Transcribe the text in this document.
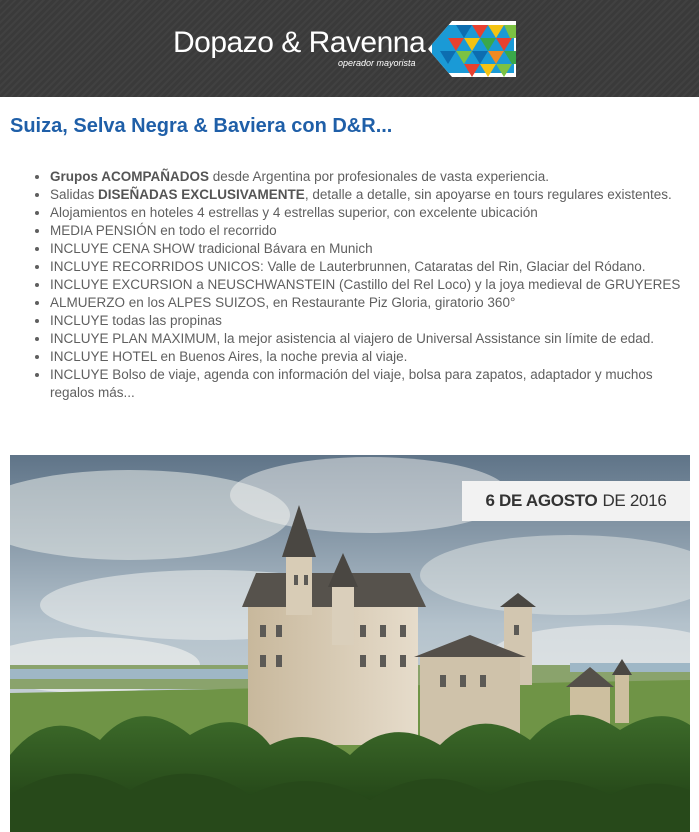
Dopazo & Ravenna
operador mayorista
Suiza, Selva Negra & Baviera con D&R...
• Grupos ACOMPAÑADOS desde Argentina por profesionales de vasta experiencia.
• Salidas DISEÑADAS EXCLUSIVAMENTE, detalle a detalle, sin apoyarse en tours regulares existentes.
• Alojamientos en hoteles 4 estrellas y 4 estrellas superior, con excelente ubicación
• MEDIA PENSIÓN en todo el recorrido
• INCLUYE CENA SHOW tradicional Bávara en Munich
• INCLUYE RECORRIDOS UNICOS: Valle de Lauterbrunnen, Cataratas del Rin, Glaciar del Ródano.
• INCLUYE EXCURSION a NEUSCHWANSTEIN (Castillo del Rel Loco) y la joya medieval de GRUYERES
• ALMUERZO en los ALPES SUIZOS, en Restaurante Piz Gloria, giratorio 360°
• INCLUYE todas las propinas
• INCLUYE PLAN MAXIMUM, la mejor asistencia al viajero de Universal Assistance sin límite de edad.
• INCLUYE HOTEL en Buenos Aires, la noche previa al viaje.
• INCLUYE Bolso de viaje, agenda con información del viaje, bolsa para zapatos, adaptador y muchos regalos más...
6 DE AGOSTO DE 2016
